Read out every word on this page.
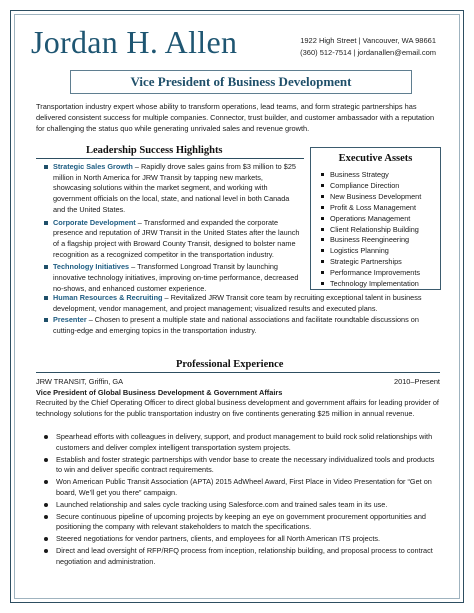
Jordan H. Allen	1922 High Street | Vancouver, WA 98661
(360) 512-7514 | jordanallen@email.com
Vice President of Business Development
Transportation industry expert whose ability to transform operations, lead teams, and form strategic partnerships has delivered consistent success for multiple companies. Connector, trust builder, and customer ambassador with a reputation for challenging the status quo while generating unrivaled sales and revenue growth.
Leadership Success Highlights
Strategic Sales Growth – Rapidly drove sales gains from $3 million to $25 million in North America for JRW Transit by tapping new markets, showcasing solutions within the market segment, and working with government officials on the local, state, and national level in both Canada and the United States.
Corporate Development – Transformed and expanded the corporate presence and reputation of JRW Transit in the United States after the launch of a flagship project with Broward County Transit, designed to bolster name recognition as a recognized competitor in the transportation industry.
Technology Initiatives – Transformed Longroad Transit by launching innovative technology initiatives, improving on-time performance, decreased no-shows, and enhanced customer experience.
Executive Assets
Business Strategy
Compliance Direction
New Business Development
Profit & Loss Management
Operations Management
Client Relationship Building
Business Reengineering
Logistics Planning
Strategic Partnerships
Performance Improvements
Technology Implementation
Human Resources & Recruiting – Revitalized JRW Transit core team by recruiting exceptional talent in business development, vendor management, and project management; visualized results and executed plans.
Presenter – Chosen to present a multiple state and national associations and facilitate roundtable discussions on cutting-edge and emerging topics in the transportation industry.
Professional Experience
JRW TRANSIT, Griffin, GA	2010–Present
Vice President of Global Business Development & Government Affairs
Recruited by the Chief Operating Officer to direct global business development and government affairs for leading provider of technology solutions for the public transportation industry on five continents generating $25 million in annual revenue.
Spearhead efforts with colleagues in delivery, support, and product management to build rock solid relationships with customers and deliver complex intelligent transportation system projects.
Establish and foster strategic partnerships with vendor base to create the necessary individualized tools and products to win and deliver specific contract requirements.
Won American Public Transit Association (APTA) 2015 AdWheel Award, First Place in Video Presentation for “Get on board, We’ll get you there” campaign.
Launched relationship and sales cycle tracking using Salesforce.com and trained sales team in its use.
Secure continuous pipeline of upcoming projects by keeping an eye on government procurement opportunities and positioning the company with relevant stakeholders to match the specifications.
Steered negotiations for vendor partners, clients, and employees for all North American ITS projects.
Direct and lead oversight of RFP/RFQ process from inception, relationship building, and proposal process to contract negotiation and administration.
